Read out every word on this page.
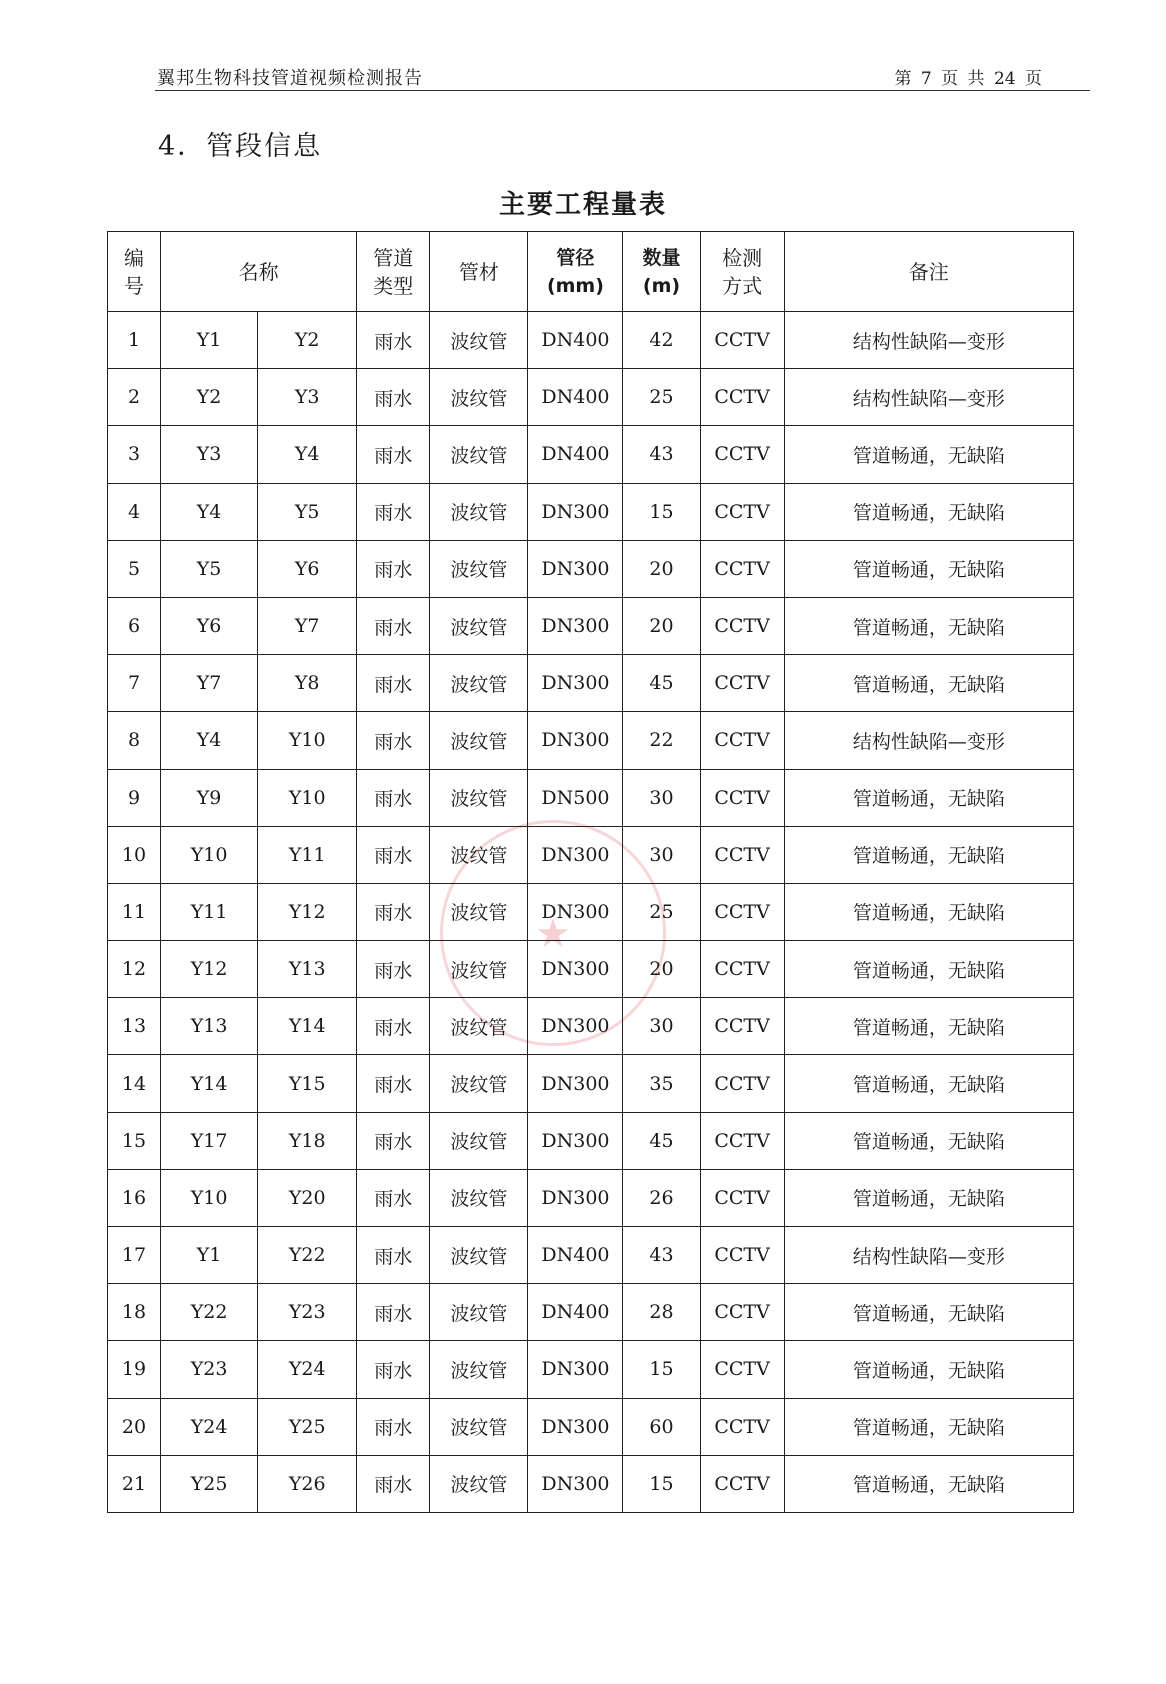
翼邦生物科技管道视频检测报告	第 7 页 共 24 页
4．管段信息
主要工程量表
★
编号	名称		管道类型	管材	管径(mm)	数量(m)	检测方式	备注
1	Y1	Y2	雨水	波纹管	DN400	42	CCTV	结构性缺陷—变形
2	Y2	Y3	雨水	波纹管	DN400	25	CCTV	结构性缺陷—变形
3	Y3	Y4	雨水	波纹管	DN400	43	CCTV	管道畅通，无缺陷
4	Y4	Y5	雨水	波纹管	DN300	15	CCTV	管道畅通，无缺陷
5	Y5	Y6	雨水	波纹管	DN300	20	CCTV	管道畅通，无缺陷
6	Y6	Y7	雨水	波纹管	DN300	20	CCTV	管道畅通，无缺陷
7	Y7	Y8	雨水	波纹管	DN300	45	CCTV	管道畅通，无缺陷
8	Y4	Y10	雨水	波纹管	DN300	22	CCTV	结构性缺陷—变形
9	Y9	Y10	雨水	波纹管	DN500	30	CCTV	管道畅通，无缺陷
10	Y10	Y11	雨水	波纹管	DN300	30	CCTV	管道畅通，无缺陷
11	Y11	Y12	雨水	波纹管	DN300	25	CCTV	管道畅通，无缺陷
12	Y12	Y13	雨水	波纹管	DN300	20	CCTV	管道畅通，无缺陷
13	Y13	Y14	雨水	波纹管	DN300	30	CCTV	管道畅通，无缺陷
14	Y14	Y15	雨水	波纹管	DN300	35	CCTV	管道畅通，无缺陷
15	Y17	Y18	雨水	波纹管	DN300	45	CCTV	管道畅通，无缺陷
16	Y10	Y20	雨水	波纹管	DN300	26	CCTV	管道畅通，无缺陷
17	Y1	Y22	雨水	波纹管	DN400	43	CCTV	结构性缺陷—变形
18	Y22	Y23	雨水	波纹管	DN400	28	CCTV	管道畅通，无缺陷
19	Y23	Y24	雨水	波纹管	DN300	15	CCTV	管道畅通，无缺陷
20	Y24	Y25	雨水	波纹管	DN300	60	CCTV	管道畅通，无缺陷
21	Y25	Y26	雨水	波纹管	DN300	15	CCTV	管道畅通，无缺陷
